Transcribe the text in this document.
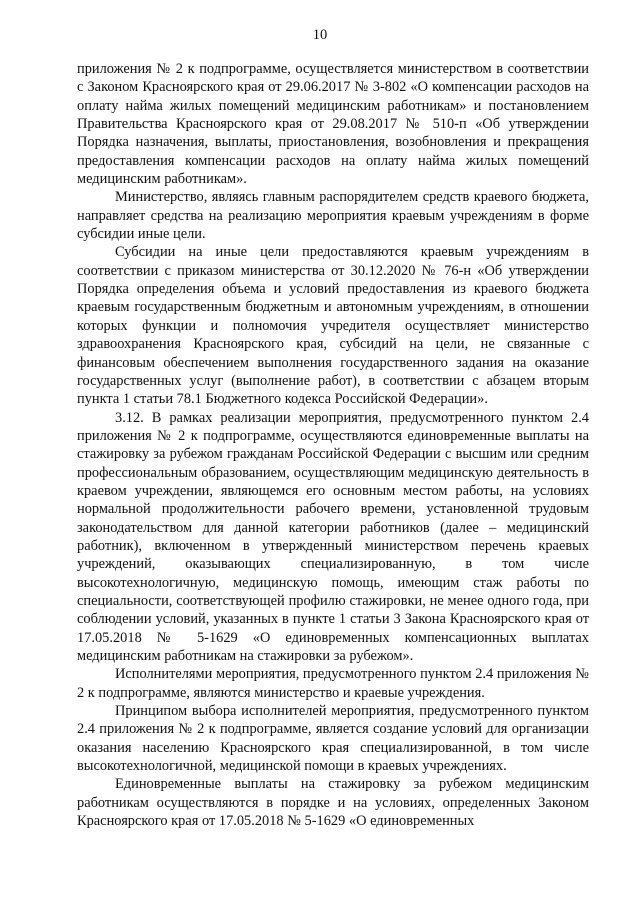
10

приложения № 2 к подпрограмме, осуществляется министерством в соответствии с Законом Красноярского края от 29.06.2017 № 3-802 «О компенсации расходов на оплату найма жилых помещений медицинским работникам» и постановлением Правительства Красноярского края от 29.08.2017 № 510-п «Об утверждении Порядка назначения, выплаты, приостановления, возобновления и прекращения предоставления компенсации расходов на оплату найма жилых помещений медицинским работникам».

Министерство, являясь главным распорядителем средств краевого бюджета, направляет средства на реализацию мероприятия краевым учреждениям в форме субсидии иные цели.

Субсидии на иные цели предоставляются краевым учреждениям в соответствии с приказом министерства от 30.12.2020 № 76-н «Об утверждении Порядка определения объема и условий предоставления из краевого бюджета краевым государственным бюджетным и автономным учреждениям, в отношении которых функции и полномочия учредителя осуществляет министерство здравоохранения Красноярского края, субсидий на цели, не связанные с финансовым обеспечением выполнения государственного задания на оказание государственных услуг (выполнение работ), в соответствии с абзацем вторым пункта 1 статьи 78.1 Бюджетного кодекса Российской Федерации».

3.12. В рамках реализации мероприятия, предусмотренного пунктом 2.4 приложения № 2 к подпрограмме, осуществляются единовременные выплаты на стажировку за рубежом гражданам Российской Федерации с высшим или средним профессиональным образованием, осуществляющим медицинскую деятельность в краевом учреждении, являющемся его основным местом работы, на условиях нормальной продолжительности рабочего времени, установленной трудовым законодательством для данной категории работников (далее – медицинский работник), включенном в утвержденный министерством перечень краевых учреждений, оказывающих специализированную, в том числе высокотехнологичную, медицинскую помощь, имеющим стаж работы по специальности, соответствующей профилю стажировки, не менее одного года, при соблюдении условий, указанных в пункте 1 статьи 3 Закона Красноярского края от 17.05.2018 № 5-1629 «О единовременных компенсационных выплатах медицинским работникам на стажировки за рубежом».

Исполнителями мероприятия, предусмотренного пунктом 2.4 приложения № 2 к подпрограмме, являются министерство и краевые учреждения.

Принципом выбора исполнителей мероприятия, предусмотренного пунктом 2.4 приложения № 2 к подпрограмме, является создание условий для организации оказания населению Красноярского края специализированной, в том числе высокотехнологичной, медицинской помощи в краевых учреждениях.

Единовременные выплаты на стажировку за рубежом медицинским работникам осуществляются в порядке и на условиях, определенных Законом Красноярского края от 17.05.2018 № 5-1629 «О единовременных
